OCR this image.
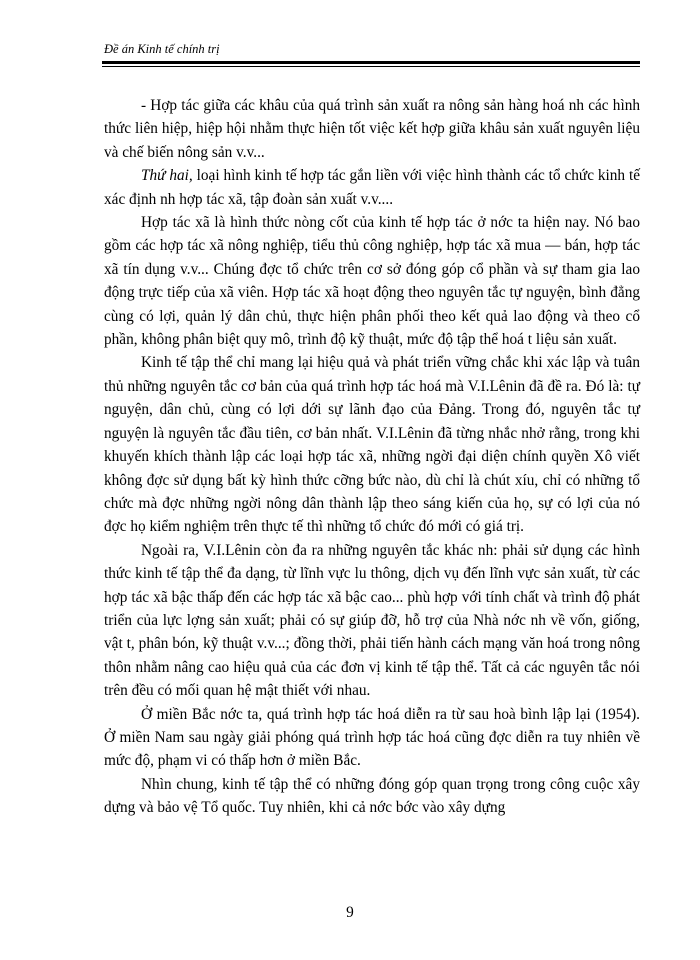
Đề án Kinh tế chính trị

- Hợp tác giữa các khâu của quá trình sản xuất ra nông sản hàng hoá nh các hình thức liên hiệp, hiệp hội nhằm thực hiện tốt việc kết hợp giữa khâu sản xuất nguyên liệu và chế biến nông sản v.v...

Thứ hai, loại hình kinh tế hợp tác gắn liền với việc hình thành các tổ chức kinh tế xác định nh hợp tác xã, tập đoàn sản xuất v.v....

Hợp tác xã là hình thức nòng cốt của kinh tế hợp tác ở nớc ta hiện nay. Nó bao gồm các hợp tác xã nông nghiệp, tiểu thủ công nghiệp, hợp tác xã mua — bán, hợp tác xã tín dụng v.v... Chúng đợc tổ chức trên cơ sở đóng góp cổ phần và sự tham gia lao động trực tiếp của xã viên. Hợp tác xã hoạt động theo nguyên tắc tự nguyện, bình đẳng cùng có lợi, quản lý dân chủ, thực hiện phân phối theo kết quả lao động và theo cổ phần, không phân biệt quy mô, trình độ kỹ thuật, mức độ tập thể hoá t liệu sản xuất.

Kinh tế tập thể chỉ mang lại hiệu quả và phát triển vững chắc khi xác lập và tuân thủ những nguyên tắc cơ bản của quá trình hợp tác hoá mà V.I.Lênin đã đề ra. Đó là: tự nguyện, dân chủ, cùng có lợi dới sự lãnh đạo của Đảng. Trong đó, nguyên tắc tự nguyện là nguyên tắc đầu tiên, cơ bản nhất. V.I.Lênin đã từng nhắc nhở rằng, trong khi khuyến khích thành lập các loại hợp tác xã, những ngời đại diện chính quyền Xô viết không đợc sử dụng bất kỳ hình thức cỡng bức nào, dù chỉ là chút xíu, chỉ có những tổ chức mà đợc những ngời nông dân thành lập theo sáng kiến của họ, sự có lợi của nó đợc họ kiểm nghiệm trên thực tế thì những tổ chức đó mới có giá trị.

Ngoài ra, V.I.Lênin còn đa ra những nguyên tắc khác nh: phải sử dụng các hình thức kinh tế tập thể đa dạng, từ lĩnh vực lu thông, dịch vụ đến lĩnh vực sản xuất, từ các hợp tác xã bậc thấp đến các hợp tác xã bậc cao... phù hợp với tính chất và trình độ phát triển của lực lợng sản xuất; phải có sự giúp đỡ, hỗ trợ của Nhà nớc nh về vốn, giống, vật t, phân bón, kỹ thuật v.v...; đồng thời, phải tiến hành cách mạng văn hoá trong nông thôn nhằm nâng cao hiệu quả của các đơn vị kinh tế tập thể. Tất cả các nguyên tắc nói trên đều có mối quan hệ mật thiết với nhau.

Ở miền Bắc nớc ta, quá trình hợp tác hoá diễn ra từ sau hoà bình lập lại (1954). Ở miền Nam sau ngày giải phóng quá trình hợp tác hoá cũng đợc diễn ra tuy nhiên về mức độ, phạm vi có thấp hơn ở miền Bắc.

Nhìn chung, kinh tế tập thể có những đóng góp quan trọng trong công cuộc xây dựng và bảo vệ Tổ quốc. Tuy nhiên, khi cả nớc bớc vào xây dựng

9
